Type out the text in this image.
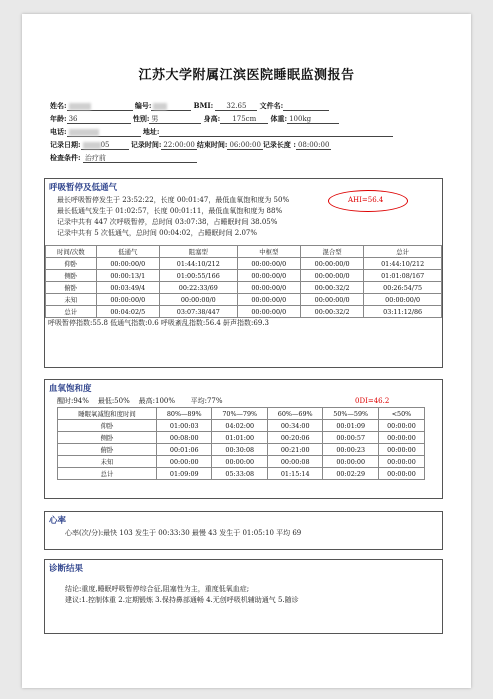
江苏大学附属江滨医院睡眠监测报告
姓名:	编号:	BMI: 32.65 文件名:
年龄: 36	性别: 男	身高: 175cm 体重: 100kg
电话:	地址:
记录日期:	05	记录时间: 22:00:00 结束时间: 06:00:00 记录长度 : 08:00:00
检查条件: 治疗前
呼吸暂停及低通气
最长呼吸暂停发生于 23:52:22，长度 00:01:47，最低血氧饱和度为 50%
最长低通气发生于 01:02:57，长度 00:01:11，最低血氧饱和度为 88%
记录中共有 447 次呼吸暂停，总时间 03:07:38，占睡眠时间 38.05%
记录中共有 5 次低通气，总时间 00:04:02，占睡眠时间 2.07%
时间/次数	低通气	阻塞型	中枢型	混合型	总计
仰卧	00:00:00/0	01:44:10/212	00:00:00/0	00:00:00/0	01:44:10/212
侧卧	00:00:13/1	01:00:55/166	00:00:00/0	00:00:00/0	01:01:08/167
俯卧	00:03:49/4	00:22:33/69	00:00:00/0	00:00:32/2	00:26:54/75
未知	00:00:00/0	00:00:00/0	00:00:00/0	00:00:00/0	00:00:00/0
总计	00:04:02/5	03:07:38/447	00:00:00/0	00:00:32/2	03:11:12/86
呼吸暂停指数:55.8 低通气指数:0.6 呼吸紊乱指数:56.4 鼾声指数:69.3
AHI=56.4
血氧饱和度
醒时:94% 最低:50% 最高:100% 平均:77%	0DI=46.2
睡眠氧减饱和度时间	80%—89%	70%—79%	60%—69%	50%—59%	<50%
仰卧	01:00:03	04:02:00	00:34:00	00:01:09	00:00:00
侧卧	00:08:00	01:01:00	00:20:06	00:00:57	00:00:00
俯卧	00:01:06	00:30:08	00:21:00	00:00:23	00:00:00
未知	00:00:00	00:00:00	00:00:08	00:00:00	00:00:00
总计	01:09:09	05:33:08	01:15:14	00:02:29	00:00:00
心率
心率(次/分):最快 103 发生于 00:33:30 最慢 43 发生于 01:05:10 平均 69
诊断结果
结论:重度,睡眠呼吸暂停综合征,阻塞性为主，重度低氧血症;
建议:1.控制体重 2.定期锻炼 3.保持鼻部通畅 4.无创呼吸机辅助通气 5.随诊
